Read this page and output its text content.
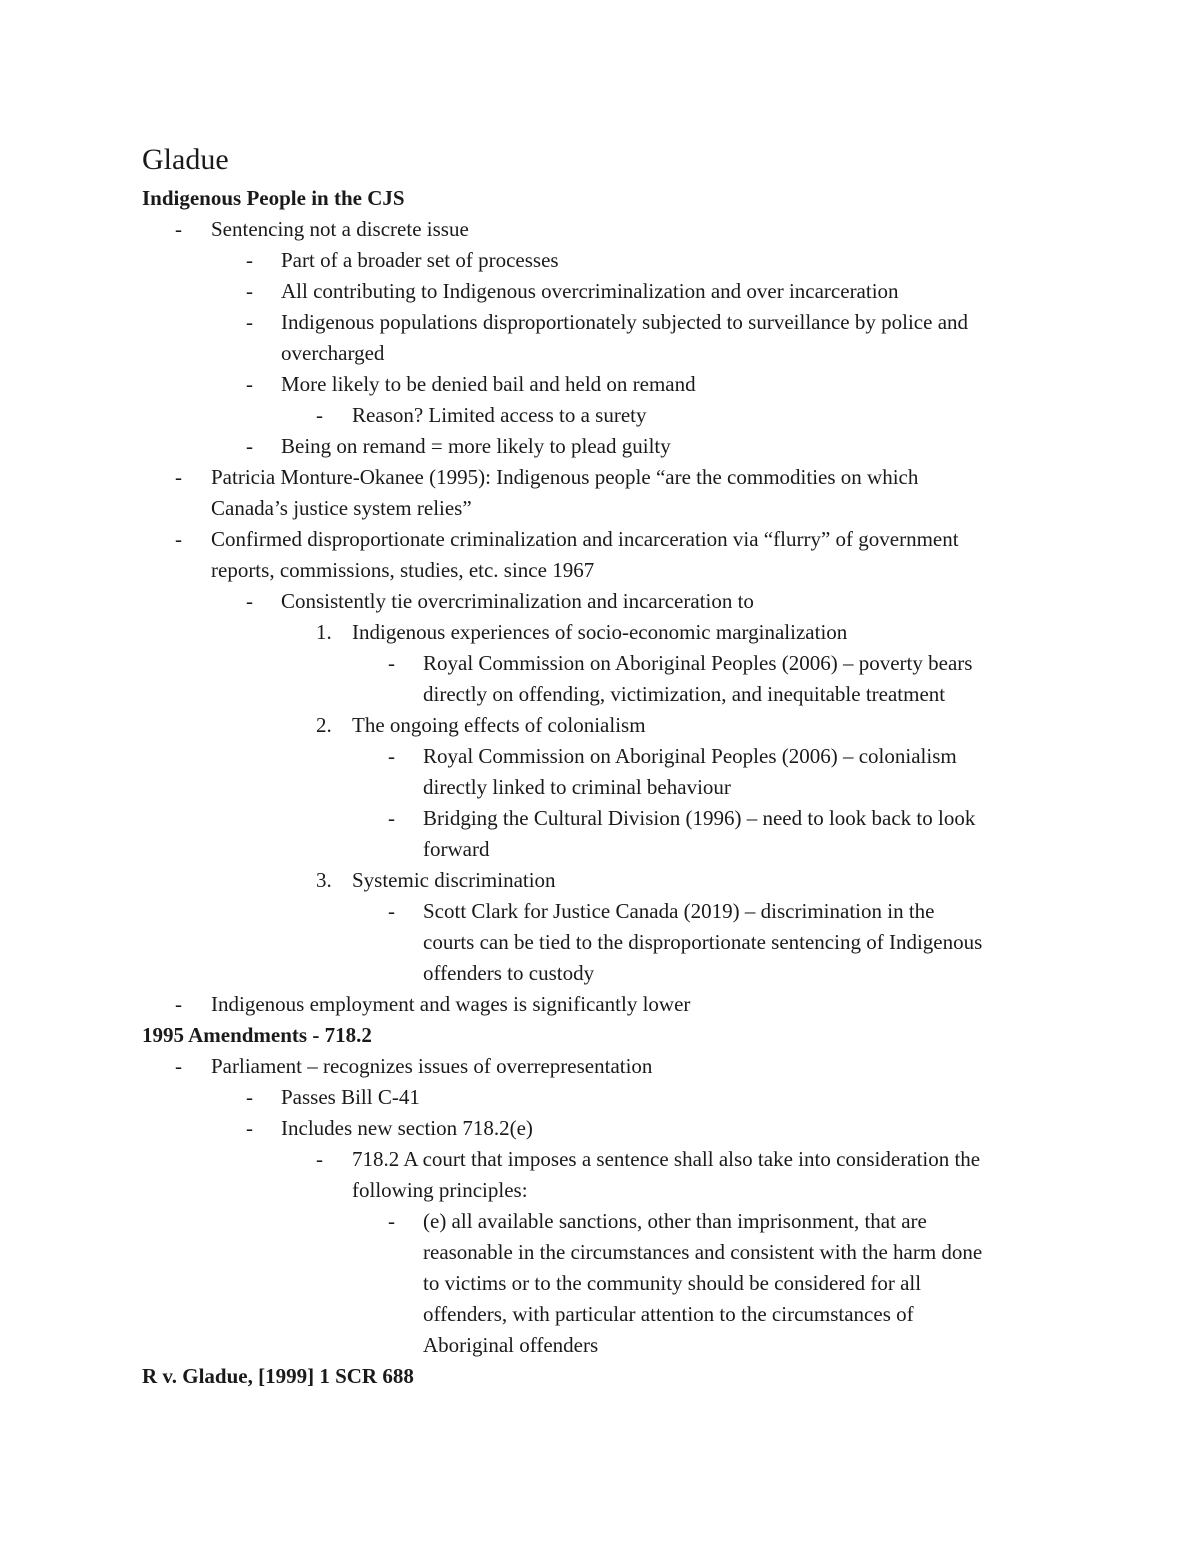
Gladue
Indigenous People in the CJS
- Sentencing not a discrete issue
- Part of a broader set of processes
- All contributing to Indigenous overcriminalization and over incarceration
- Indigenous populations disproportionately subjected to surveillance by police and
overcharged
- More likely to be denied bail and held on remand
- Reason? Limited access to a surety
- Being on remand = more likely to plead guilty
- Patricia Monture-Okanee (1995): Indigenous people “are the commodities on which
Canada’s justice system relies”
- Confirmed disproportionate criminalization and incarceration via “flurry” of government
reports, commissions, studies, etc. since 1967
- Consistently tie overcriminalization and incarceration to
1. Indigenous experiences of socio-economic marginalization
- Royal Commission on Aboriginal Peoples (2006) – poverty bears
directly on offending, victimization, and inequitable treatment
2. The ongoing effects of colonialism
- Royal Commission on Aboriginal Peoples (2006) – colonialism
directly linked to criminal behaviour
- Bridging the Cultural Division (1996) – need to look back to look
forward
3. Systemic discrimination
- Scott Clark for Justice Canada (2019) – discrimination in the
courts can be tied to the disproportionate sentencing of Indigenous
offenders to custody
- Indigenous employment and wages is significantly lower
1995 Amendments - 718.2
- Parliament – recognizes issues of overrepresentation
- Passes Bill C-41
- Includes new section 718.2(e)
- 718.2 A court that imposes a sentence shall also take into consideration the
following principles:
- (e) all available sanctions, other than imprisonment, that are
reasonable in the circumstances and consistent with the harm done
to victims or to the community should be considered for all
offenders, with particular attention to the circumstances of
Aboriginal offenders
R v. Gladue, [1999] 1 SCR 688
